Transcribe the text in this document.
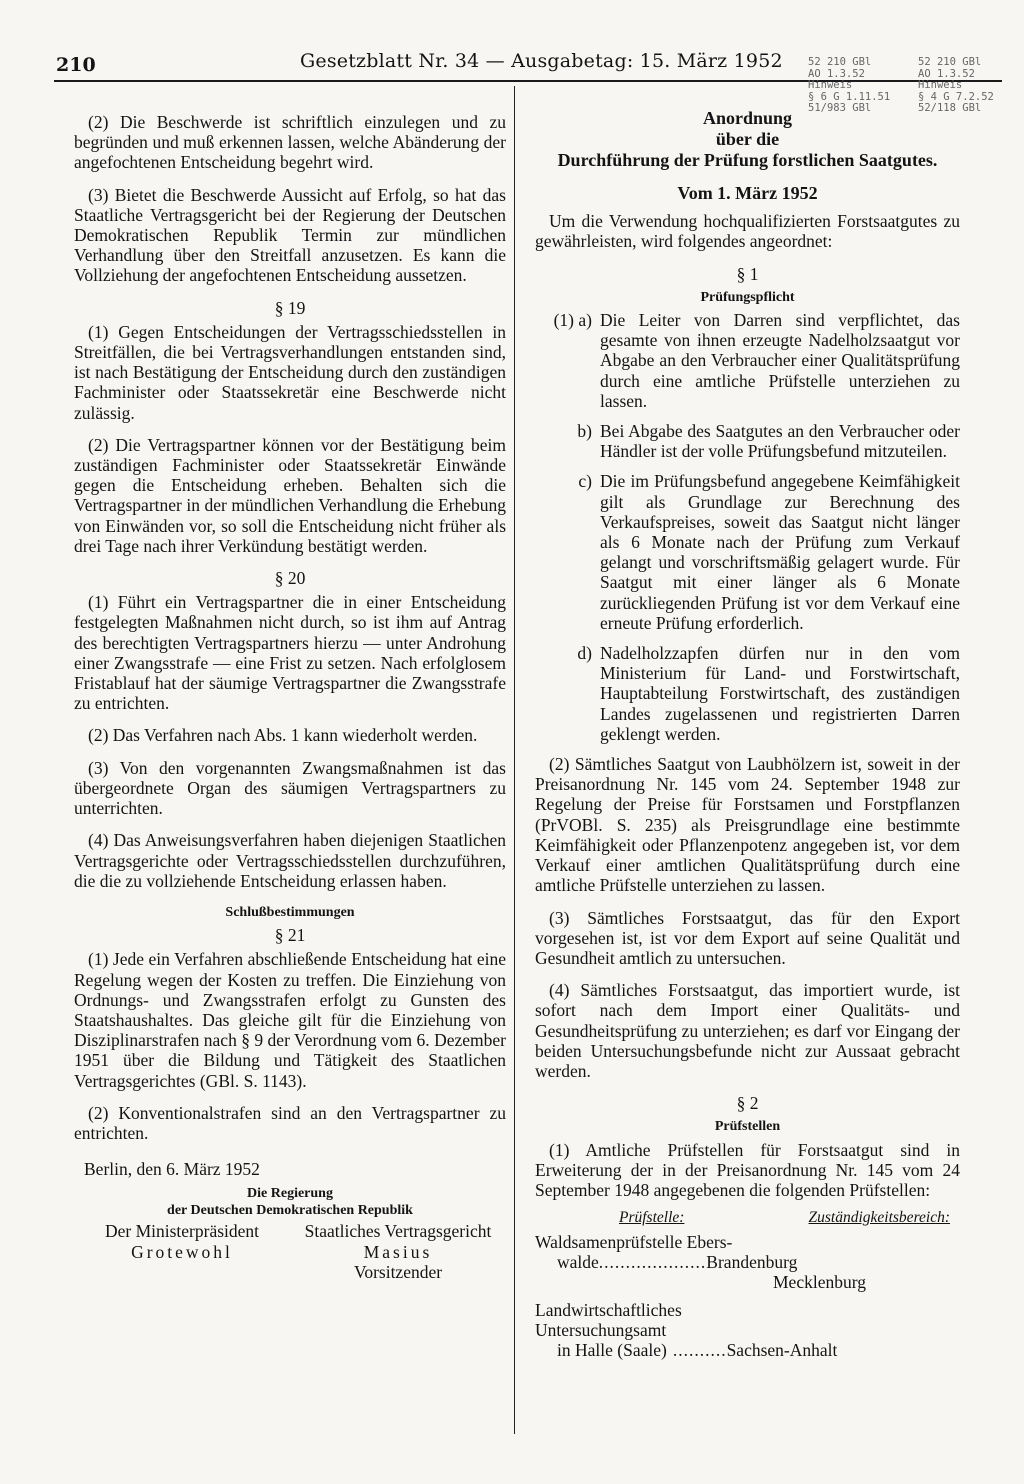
210	Gesetzblatt Nr. 34 — Ausgabetag: 15. März 1952 52 210 GBl
AO 1.3.52
Hinweis
§ 6 G 1.11.51
51/983 GBl
52 210 GBl
AO 1.3.52
Hinweis
§ 4 G 7.2.52
52/118 GBl

(2) Die Beschwerde ist schriftlich einzulegen und zu begründen und muß erkennen lassen, welche Abänderung der angefochtenen Entscheidung begehrt wird.

(3) Bietet die Beschwerde Aussicht auf Erfolg, so hat das Staatliche Vertragsgericht bei der Regierung der Deutschen Demokratischen Republik Termin zur mündlichen Verhandlung über den Streitfall anzusetzen. Es kann die Vollziehung der angefochtenen Entscheidung aussetzen.

§ 19

(1) Gegen Entscheidungen der Vertragsschiedsstellen in Streitfällen, die bei Vertragsverhandlungen entstanden sind, ist nach Bestätigung der Entscheidung durch den zuständigen Fachminister oder Staatssekretär eine Beschwerde nicht zulässig.

(2) Die Vertragspartner können vor der Bestätigung beim zuständigen Fachminister oder Staatssekretär Einwände gegen die Entscheidung erheben. Behalten sich die Vertragspartner in der mündlichen Verhandlung die Erhebung von Einwänden vor, so soll die Entscheidung nicht früher als drei Tage nach ihrer Verkündung bestätigt werden.

§ 20

(1) Führt ein Vertragspartner die in einer Entscheidung festgelegten Maßnahmen nicht durch, so ist ihm auf Antrag des berechtigten Vertragspartners hierzu — unter Androhung einer Zwangsstrafe — eine Frist zu setzen. Nach erfolglosem Fristablauf hat der säumige Vertragspartner die Zwangsstrafe zu entrichten.

(2) Das Verfahren nach Abs. 1 kann wiederholt werden.

(3) Von den vorgenannten Zwangsmaßnahmen ist das übergeordnete Organ des säumigen Vertragspartners zu unterrichten.

(4) Das Anweisungsverfahren haben diejenigen Staatlichen Vertragsgerichte oder Vertragsschiedsstellen durchzuführen, die die zu vollziehende Entscheidung erlassen haben.

Schlußbestimmungen
§ 21

(1) Jede ein Verfahren abschließende Entscheidung hat eine Regelung wegen der Kosten zu treffen. Die Einziehung von Ordnungs- und Zwangsstrafen erfolgt zu Gunsten des Staatshaushaltes. Das gleiche gilt für die Einziehung von Disziplinarstrafen nach § 9 der Verordnung vom 6. Dezember 1951 über die Bildung und Tätigkeit des Staatlichen Vertragsgerichtes (GBl. S. 1143).

(2) Konventionalstrafen sind an den Vertragspartner zu entrichten.

Berlin, den 6. März 1952
Die Regierung
der Deutschen Demokratischen Republik
Der Ministerpräsident
Grotewohl
Staatliches Vertragsgericht
Masius
Vorsitzender
Anordnung
über die
Durchführung der Prüfung forstlichen Saatgutes.
Vom 1. März 1952

Um die Verwendung hochqualifizierten Forstsaatgutes zu gewährleisten, wird folgendes angeordnet:

§ 1
Prüfungspflicht
(1) a) Die Leiter von Darren sind verpflichtet, das gesamte von ihnen erzeugte Nadelholzsaatgut vor Abgabe an den Verbraucher einer Qualitätsprüfung durch eine amtliche Prüfstelle unterziehen zu lassen.
b) Bei Abgabe des Saatgutes an den Verbraucher oder Händler ist der volle Prüfungsbefund mitzuteilen.
c) Die im Prüfungsbefund angegebene Keimfähigkeit gilt als Grundlage zur Berechnung des Verkaufspreises, soweit das Saatgut nicht länger als 6 Monate nach der Prüfung zum Verkauf gelangt und vorschriftsmäßig gelagert wurde. Für Saatgut mit einer länger als 6 Monate zurückliegenden Prüfung ist vor dem Verkauf eine erneute Prüfung erforderlich.
d) Nadelholzzapfen dürfen nur in den vom Ministerium für Land- und Forstwirtschaft, Hauptabteilung Forstwirtschaft, des zuständigen Landes zugelassenen und registrierten Darren geklengt werden.

(2) Sämtliches Saatgut von Laubhölzern ist, soweit in der Preisanordnung Nr. 145 vom 24. September 1948 zur Regelung der Preise für Forstsamen und Forstpflanzen (PrVOBl. S. 235) als Preisgrundlage eine bestimmte Keimfähigkeit oder Pflanzenpotenz angegeben ist, vor dem Verkauf einer amtlichen Qualitätsprüfung durch eine amtliche Prüfstelle unterziehen zu lassen.

(3) Sämtliches Forstsaatgut, das für den Export vorgesehen ist, ist vor dem Export auf seine Qualität und Gesundheit amtlich zu untersuchen.

(4) Sämtliches Forstsaatgut, das importiert wurde, ist sofort nach dem Import einer Qualitäts- und Gesundheitsprüfung zu unterziehen; es darf vor Eingang der beiden Untersuchungsbefunde nicht zur Aussaat gebracht werden.

§ 2
Prüfstellen

(1) Amtliche Prüfstellen für Forstsaatgut sind in Erweiterung der in der Preisanordnung Nr. 145 vom 24 September 1948 angegebenen die folgenden Prüfstellen:

Prüfstelle:	Zuständigkeitsbereich:
Waldsamenprüfstelle Ebers-
walde .................... Brandenburg
Mecklenburg
Landwirtschaftliches
Untersuchungsamt
in Halle (Saale) .......... Sachsen-Anhalt
